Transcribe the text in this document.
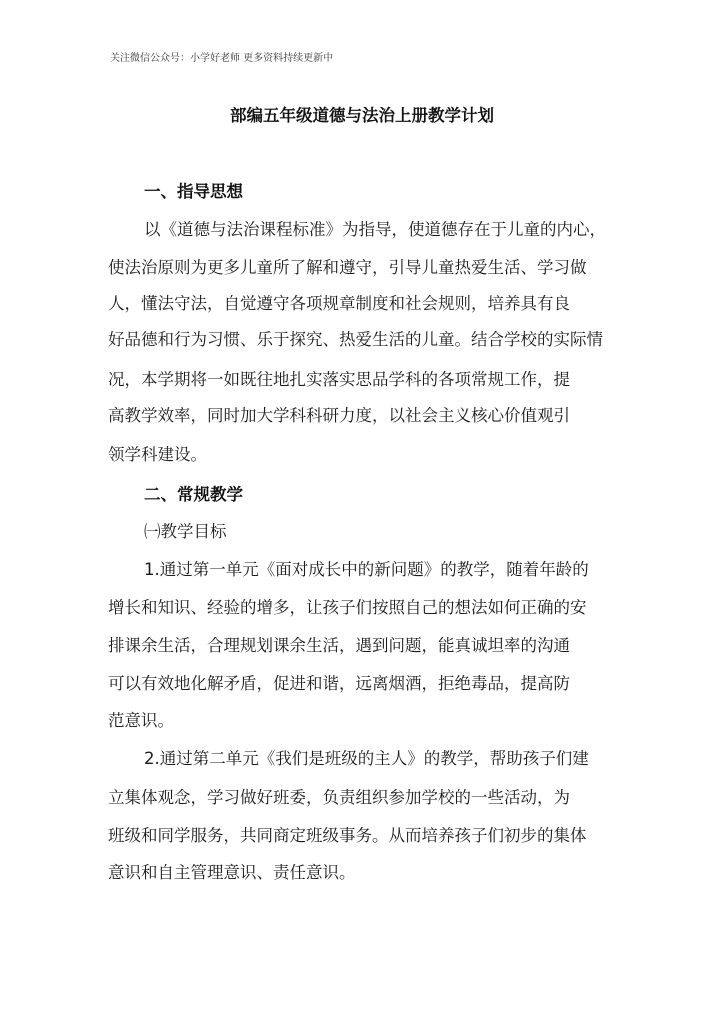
关注微信公众号：小学好老师 更多资料持续更新中
部编五年级道德与法治上册教学计划
一、指导思想
以《道德与法治课程标准》为指导，使道德存在于儿童的内心，
使法治原则为更多儿童所了解和遵守，引导儿童热爱生活、学习做
人，懂法守法，自觉遵守各项规章制度和社会规则，培养具有良
好品德和行为习惯、乐于探究、热爱生活的儿童。结合学校的实际情
况，本学期将一如既往地扎实落实思品学科的各项常规工作，提
高教学效率，同时加大学科科研力度，以社会主义核心价值观引
领学科建设。
二、常规教学
㈠教学目标
1.通过第一单元《面对成长中的新问题》的教学，随着年龄的
增长和知识、经验的增多，让孩子们按照自己的想法如何正确的安
排课余生活，合理规划课余生活，遇到问题，能真诚坦率的沟通
可以有效地化解矛盾，促进和谐，远离烟酒，拒绝毒品，提高防
范意识。
2.通过第二单元《我们是班级的主人》的教学，帮助孩子们建
立集体观念，学习做好班委，负责组织参加学校的一些活动，为
班级和同学服务，共同商定班级事务。从而培养孩子们初步的集体
意识和自主管理意识、责任意识。
